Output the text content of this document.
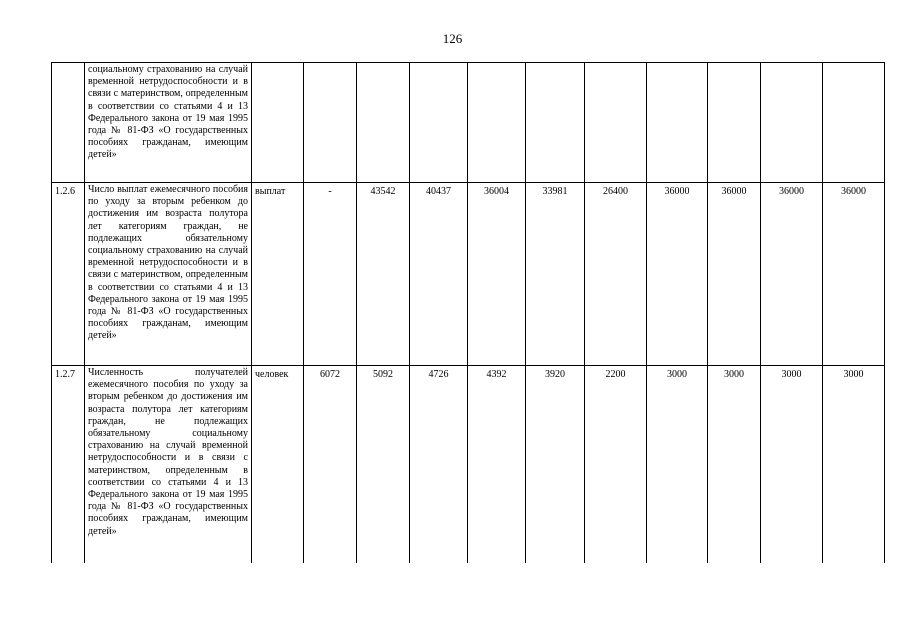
126
	социальному страхованию на случай временной нетрудоспособности и в связи с материнством, определенным в соответствии со статьями 4 и 13 Федерального закона от 19 мая 1995 года № 81-ФЗ «О государственных пособиях гражданам, имеющим детей»											
1.2.6	Число выплат ежемесячного пособия по уходу за вторым ребенком до достижения им возраста полутора лет категориям граждан, не подлежащих обязательному социальному страхованию на случай временной нетрудоспособности и в связи с материнством, определенным в соответствии со статьями 4 и 13 Федерального закона от 19 мая 1995 года № 81-ФЗ «О государственных пособиях гражданам, имеющим детей»	выплат	-	43542	40437	36004	33981	26400	36000	36000	36000	36000
1.2.7	Численность получателей ежемесячного пособия по уходу за вторым ребенком до достижения им возраста полутора лет категориям граждан, не подлежащих обязательному социальному страхованию на случай временной нетрудоспособности и в связи с материнством, определенным в соответствии со статьями 4 и 13 Федерального закона от 19 мая 1995 года № 81-ФЗ «О государственных пособиях гражданам, имеющим детей»	человек	6072	5092	4726	4392	3920	2200	3000	3000	3000	3000
